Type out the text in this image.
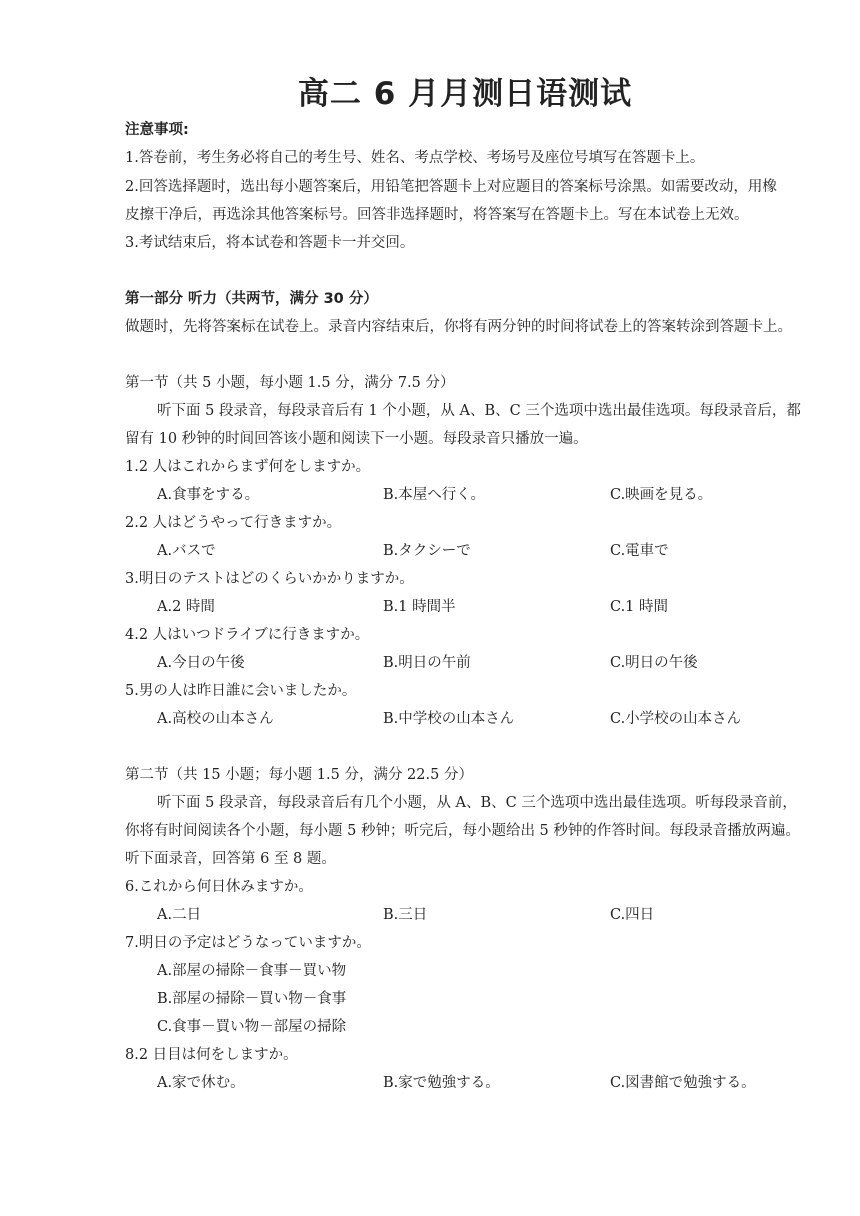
高二 6 月月测日语测试
注意事项:
1.答卷前，考生务必将自己的考生号、姓名、考点学校、考场号及座位号填写在答题卡上。
2.回答选择题时，选出每小题答案后，用铅笔把答题卡上对应题目的答案标号涂黑。如需要改动，用橡
皮擦干净后，再选涂其他答案标号。回答非选择题时，将答案写在答题卡上。写在本试卷上无效。
3.考试结束后，将本试卷和答题卡一并交回。
第一部分 听力（共两节，满分 30 分）
做题时，先将答案标在试卷上。录音内容结束后，你将有两分钟的时间将试卷上的答案转涂到答题卡上。
第一节（共 5 小题，每小题 1.5 分，满分 7.5 分）
听下面 5 段录音，每段录音后有 1 个小题，从 A、B、C 三个选项中选出最佳选项。每段录音后，都
留有 10 秒钟的时间回答该小题和阅读下一小题。每段录音只播放一遍。
1.2 人はこれからまず何をしますか。
A.食事をする。	B.本屋へ行く。	C.映画を見る。
2.2 人はどうやって行きますか。
A.バスで	B.タクシーで	C.電車で
3.明日のテストはどのくらいかかりますか。
A.2 時間	B.1 時間半	C.1 時間
4.2 人はいつドライブに行きますか。
A.今日の午後	B.明日の午前	C.明日の午後
5.男の人は昨日誰に会いましたか。
A.高校の山本さん	B.中学校の山本さん	C.小学校の山本さん
第二节（共 15 小题；每小题 1.5 分，满分 22.5 分）
听下面 5 段录音，每段录音后有几个小题，从 A、B、C 三个选项中选出最佳选项。听每段录音前，
你将有时间阅读各个小题，每小题 5 秒钟；听完后，每小题给出 5 秒钟的作答时间。每段录音播放两遍。
听下面录音，回答第 6 至 8 题。
6.これから何日休みますか。
A.二日	B.三日	C.四日
7.明日の予定はどうなっていますか。
A.部屋の掃除－食事－買い物
B.部屋の掃除－買い物－食事
C.食事－買い物－部屋の掃除
8.2 日目は何をしますか。
A.家で休む。	B.家で勉強する。	C.図書館で勉強する。
